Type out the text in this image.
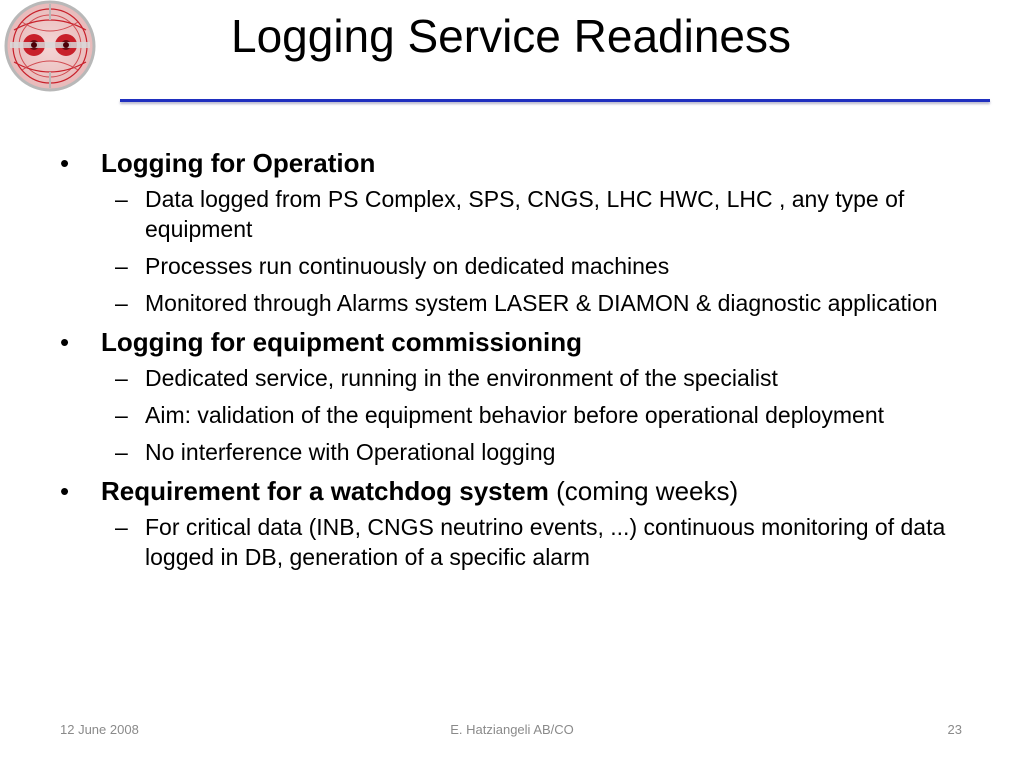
Logging Service Readiness
•	Logging for Operation
– Data logged from PS Complex, SPS, CNGS, LHC HWC, LHC , any type of equipment
– Processes run continuously on dedicated machines
– Monitored through Alarms system LASER & DIAMON & diagnostic application
•	Logging for equipment commissioning
– Dedicated service, running in the environment of the specialist
– Aim: validation of the equipment behavior before operational deployment
– No interference with Operational logging
•	Requirement for a watchdog system (coming weeks)
– For critical data (INB, CNGS neutrino events, ...) continuous monitoring of data logged in DB, generation of a specific alarm
12 June 2008	E. Hatziangeli AB/CO	23
